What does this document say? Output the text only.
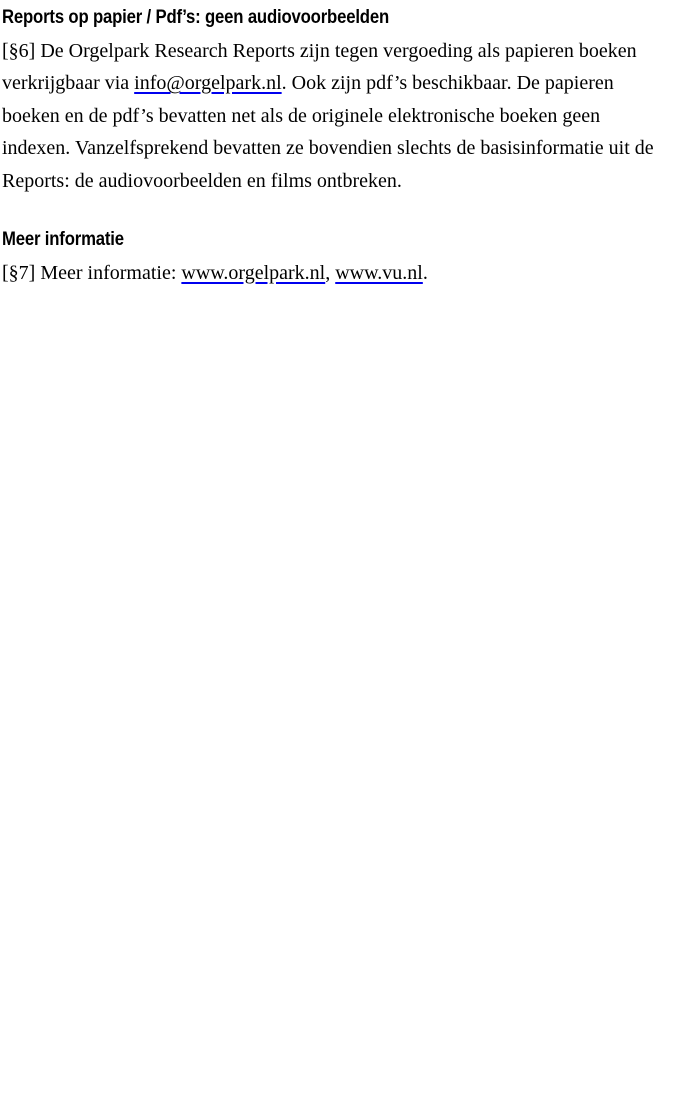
Reports op papier / Pdf’s: geen audiovoorbeelden

[§6] De Orgelpark Research Reports zijn tegen vergoeding als papieren boeken verkrijgbaar via info@orgelpark.nl. Ook zijn pdf’s beschikbaar. De papieren boeken en de pdf’s bevatten net als de originele elektronische boeken geen indexen. Vanzelfsprekend bevatten ze bovendien slechts de basisinformatie uit de Reports: de audiovoorbeelden en films ontbreken.

Meer informatie

[§7] Meer informatie: www.orgelpark.nl, www.vu.nl.
